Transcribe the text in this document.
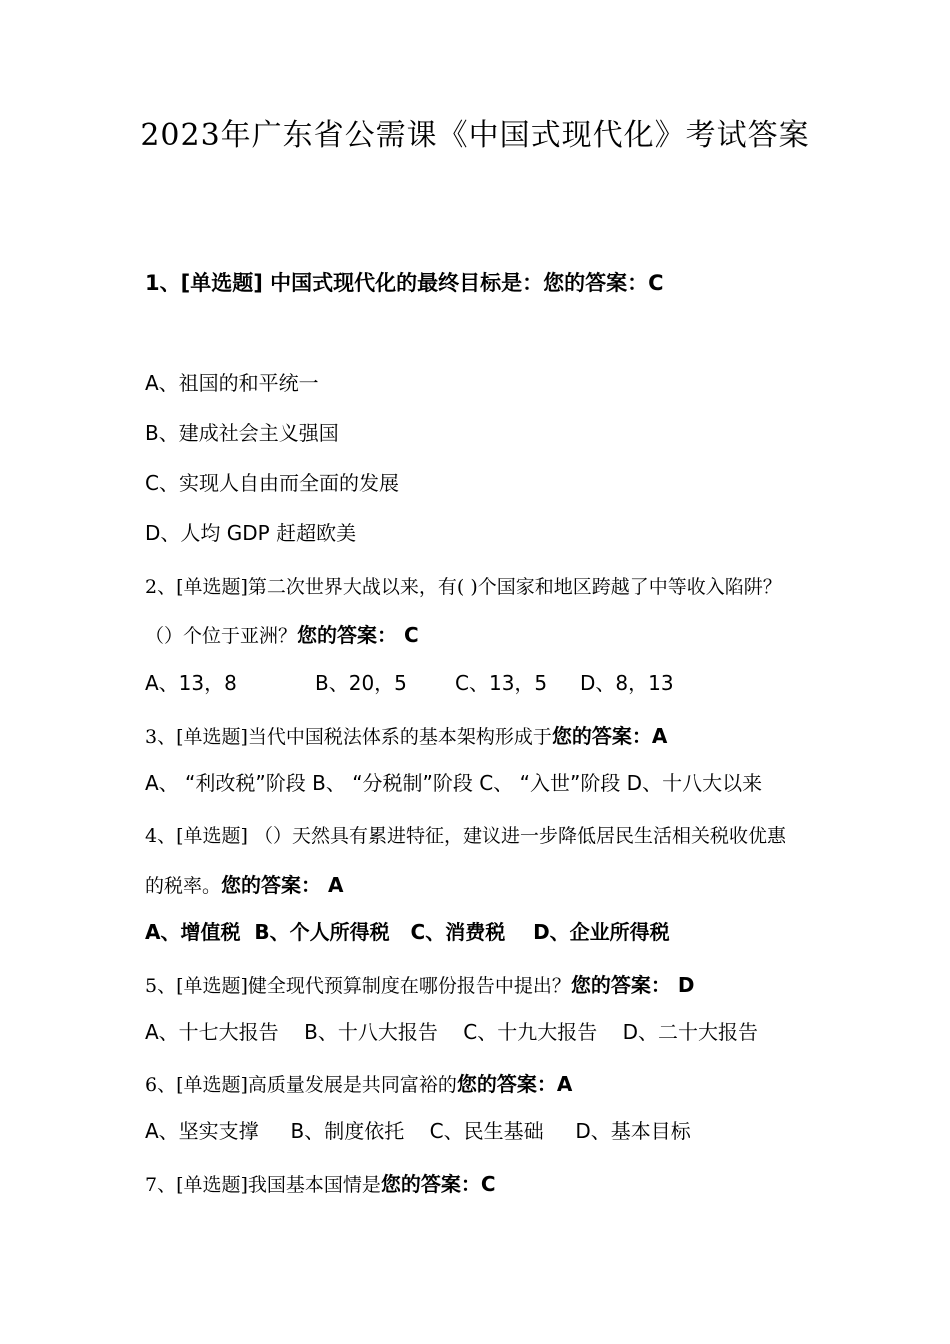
2023年广东省公需课《中国式现代化》考试答案
1、[单选题] 中国式现代化的最终目标是：您的答案：C
A、祖国的和平统一
B、建成社会主义强国
C、实现人自由而全面的发展
D、人均 GDP 赶超欧美
2、[单选题]第二次世界大战以来，有( )个国家和地区跨越了中等收入陷阱？
（）个位于亚洲？您的答案： C
A、13，8	B、20，5 C、13，5 D、8，13
3、[单选题]当代中国税法体系的基本架构形成于您的答案：A
A、 “利改税”阶段 B、 “分税制”阶段 C、 “入世”阶段 D、十八大以来
4、[单选题] （）天然具有累进特征，建议进一步降低居民生活相关税收优惠
的税率。您的答案： A
A、增值税  B、个人所得税   C、消费税    D、企业所得税
5、[单选题]健全现代预算制度在哪份报告中提出？您的答案： D
A、十七大报告    B、十八大报告    C、十九大报告    D、二十大报告
6、[单选题]高质量发展是共同富裕的您的答案：A
A、坚实支撑     B、制度依托    C、民生基础     D、基本目标
7、[单选题]我国基本国情是您的答案：C
